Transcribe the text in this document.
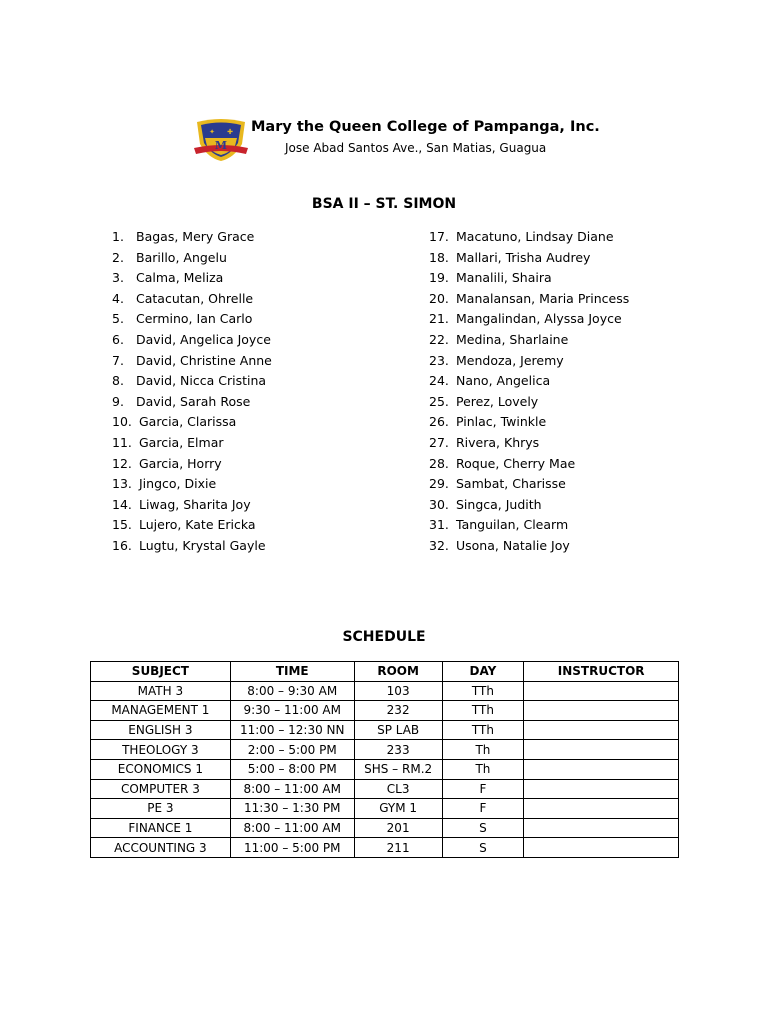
M
✦ ✚ Mary the Queen College of Pampanga, Inc.
Jose Abad Santos Ave., San Matias, Guagua
BSA II – ST. SIMON
1. Bagas, Mery Grace
2. Barillo, Angelu
3. Calma, Meliza
4. Catacutan, Ohrelle
5. Cermino, Ian Carlo
6. David, Angelica Joyce
7. David, Christine Anne
8. David, Nicca Cristina
9. David, Sarah Rose
10. Garcia, Clarissa
11. Garcia, Elmar
12. Garcia, Horry
13. Jingco, Dixie
14. Liwag, Sharita Joy
15. Lujero, Kate Ericka
16. Lugtu, Krystal Gayle
17. Macatuno, Lindsay Diane
18. Mallari, Trisha Audrey
19. Manalili, Shaira
20. Manalansan, Maria Princess
21. Mangalindan, Alyssa Joyce
22. Medina, Sharlaine
23. Mendoza, Jeremy
24. Nano, Angelica
25. Perez, Lovely
26. Pinlac, Twinkle
27. Rivera, Khrys
28. Roque, Cherry Mae
29. Sambat, Charisse
30. Singca, Judith
31. Tanguilan, Clearm
32. Usona, Natalie Joy
SCHEDULE
SUBJECT	TIME	ROOM	DAY	INSTRUCTOR
MATH 3	8:00 – 9:30 AM	103	TTh	
MANAGEMENT 1	9:30 – 11:00 AM	232	TTh	
ENGLISH 3	11:00 – 12:30 NN	SP LAB	TTh	
THEOLOGY 3	2:00 – 5:00 PM	233	Th	
ECONOMICS 1	5:00 – 8:00 PM	SHS – RM.2	Th	
COMPUTER 3	8:00 – 11:00 AM	CL3	F	
PE 3	11:30 – 1:30 PM	GYM 1	F	
FINANCE 1	8:00 – 11:00 AM	201	S	
ACCOUNTING 3	11:00 – 5:00 PM	211	S	
